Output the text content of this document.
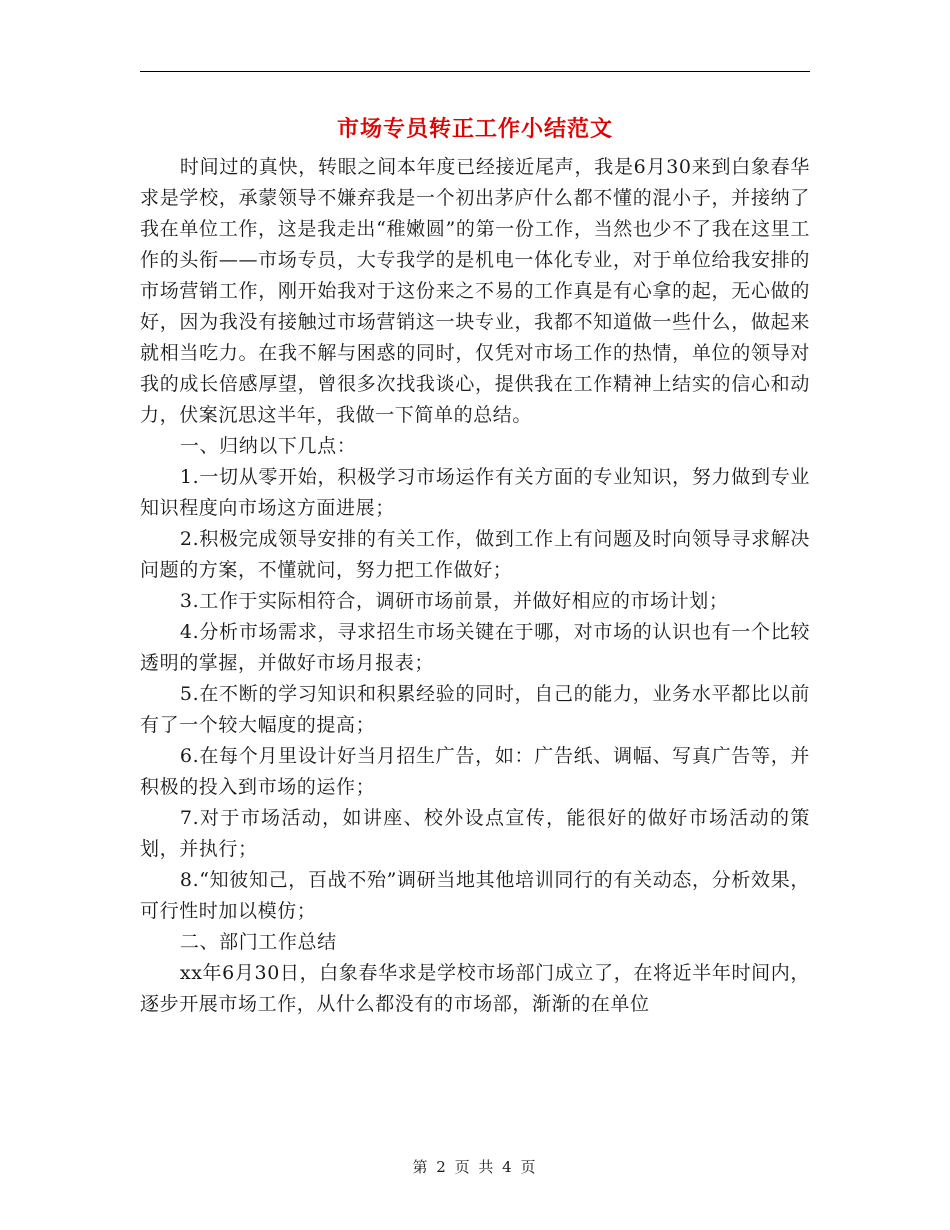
市场专员转正工作小结范文

时间过的真快，转眼之间本年度已经接近尾声，我是6月30来到白象春华求是学校，承蒙领导不嫌弃我是一个初出茅庐什么都不懂的混小子，并接纳了我在单位工作，这是我走出“稚嫩圆”的第一份工作，当然也少不了我在这里工作的头衔——市场专员，大专我学的是机电一体化专业，对于单位给我安排的市场营销工作，刚开始我对于这份来之不易的工作真是有心拿的起，无心做的好，因为我没有接触过市场营销这一块专业，我都不知道做一些什么，做起来就相当吃力。在我不解与困惑的同时，仅凭对市场工作的热情，单位的领导对我的成长倍感厚望，曾很多次找我谈心，提供我在工作精神上结实的信心和动力，伏案沉思这半年，我做一下简单的总结。

一、归纳以下几点：

1.一切从零开始，积极学习市场运作有关方面的专业知识，努力做到专业知识程度向市场这方面进展；

2.积极完成领导安排的有关工作，做到工作上有问题及时向领导寻求解决问题的方案，不懂就问，努力把工作做好；

3.工作于实际相符合，调研市场前景，并做好相应的市场计划；

4.分析市场需求，寻求招生市场关键在于哪，对市场的认识也有一个比较透明的掌握，并做好市场月报表；

5.在不断的学习知识和积累经验的同时，自己的能力，业务水平都比以前有了一个较大幅度的提高；

6.在每个月里设计好当月招生广告，如：广告纸、调幅、写真广告等，并积极的投入到市场的运作；

7.对于市场活动，如讲座、校外设点宣传，能很好的做好市场活动的策划，并执行；

8.“知彼知己，百战不殆”调研当地其他培训同行的有关动态，分析效果，可行性时加以模仿；

二、部门工作总结

xx年6月30日，白象春华求是学校市场部门成立了，在将近半年时间内，逐步开展市场工作，从什么都没有的市场部，渐渐的在单位

第 2 页 共 4 页
